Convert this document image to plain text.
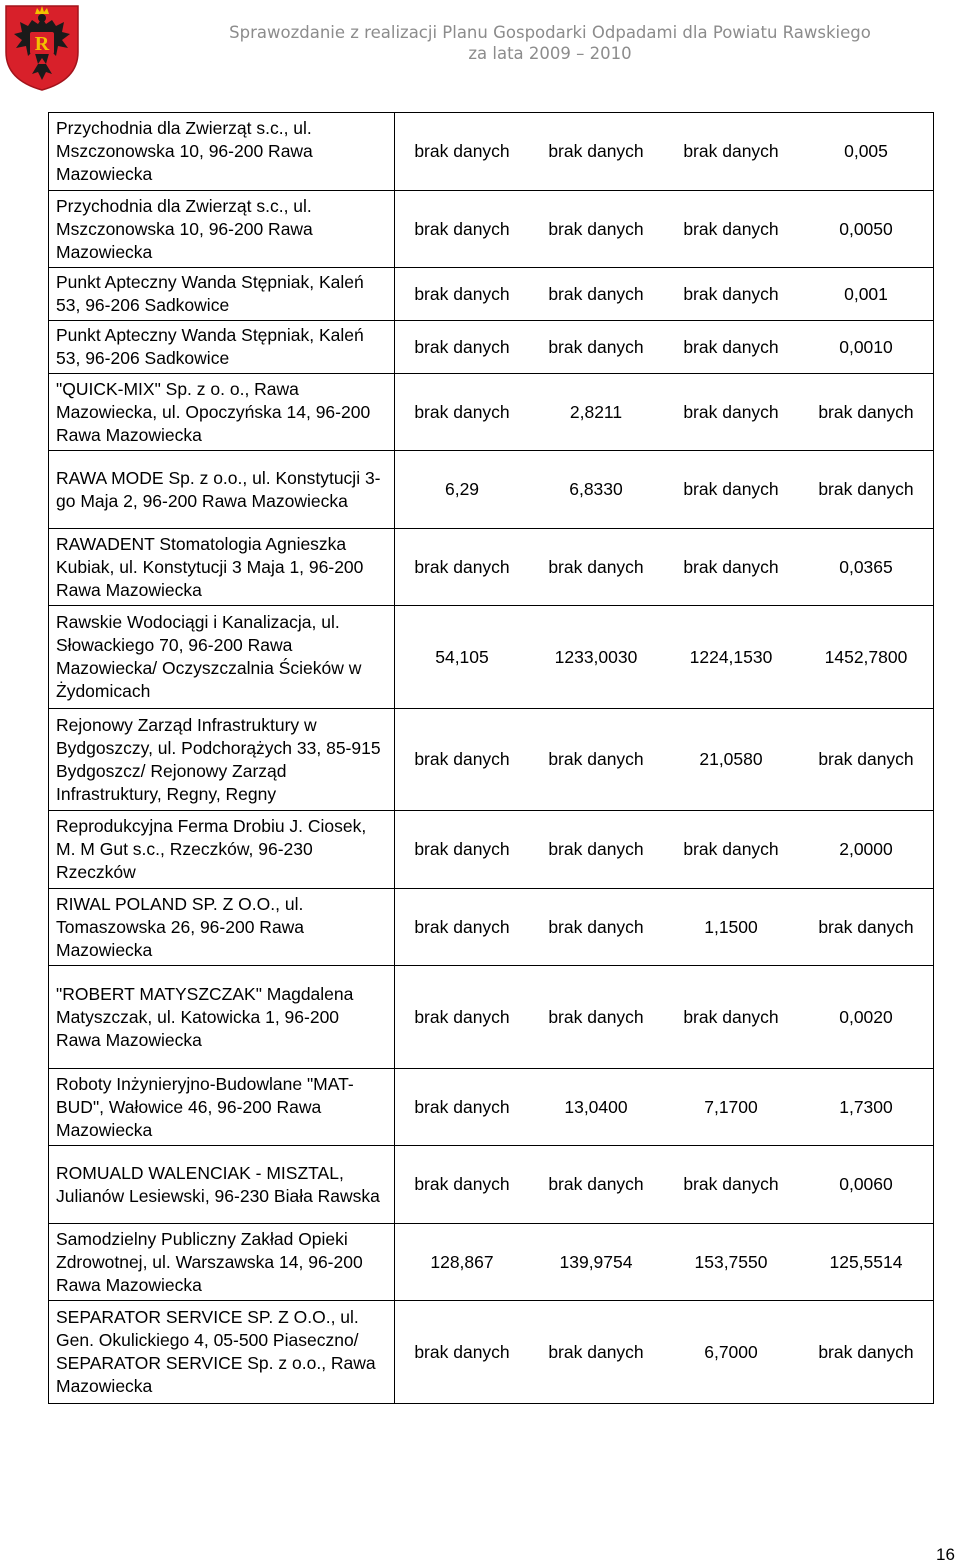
R
Sprawozdanie z realizacji Planu Gospodarki Odpadami dla Powiatu Rawskiego

za lata 2009 – 2010
Przychodnia dla Zwierząt s.c., ul. Mszczonowska 10, 96-200 Rawa Mazowiecka	brak danych brak danych brak danych 0,005

Przychodnia dla Zwierząt s.c., ul. Mszczonowska 10, 96-200 Rawa Mazowiecka	brak danych brak danych brak danych 0,0050

Punkt Apteczny Wanda Stępniak, Kaleń 53, 96-206 Sadkowice	brak danych brak danych brak danych 0,001

Punkt Apteczny Wanda Stępniak, Kaleń 53, 96-206 Sadkowice	brak danych brak danych brak danych 0,0010

"QUICK-MIX" Sp. z o. o., Rawa Mazowiecka, ul. Opoczyńska 14, 96-200 Rawa Mazowiecka	brak danych 2,8211 brak danych brak danych

RAWA MODE Sp. z o.o., ul. Konstytucji 3-go Maja 2, 96-200 Rawa Mazowiecka	6,29 6,8330 brak danych brak danych

RAWADENT Stomatologia Agnieszka Kubiak, ul. Konstytucji 3 Maja 1, 96-200 Rawa Mazowiecka	brak danych brak danych brak danych 0,0365

Rawskie Wodociągi i Kanalizacja, ul. Słowackiego 70, 96-200 Rawa Mazowiecka/ Oczyszczalnia Ścieków w Żydomicach	54,105 1233,0030 1224,1530 1452,7800

Rejonowy Zarząd Infrastruktury w Bydgoszczy, ul. Podchorążych 33, 85-915 Bydgoszcz/ Rejonowy Zarząd Infrastruktury, Regny, Regny	brak danych brak danych 21,0580 brak danych

Reprodukcyjna Ferma Drobiu J. Ciosek, M. M Gut s.c., Rzeczków, 96-230 Rzeczków	brak danych brak danych brak danych 2,0000

RIWAL POLAND SP. Z O.O., ul. Tomaszowska 26, 96-200 Rawa Mazowiecka	brak danych brak danych 1,1500 brak danych

"ROBERT MATYSZCZAK" Magdalena Matyszczak, ul. Katowicka 1, 96-200 Rawa Mazowiecka	brak danych brak danych brak danych 0,0020

Roboty Inżynieryjno-Budowlane "MAT-BUD", Wałowice 46, 96-200 Rawa Mazowiecka	brak danych 13,0400 7,1700 1,7300

ROMUALD WALENCIAK - MISZTAL, Julianów Lesiewski, 96-230 Biała Rawska	brak danych brak danych brak danych 0,0060

Samodzielny Publiczny Zakład Opieki Zdrowotnej, ul. Warszawska 14, 96-200 Rawa Mazowiecka	128,867 139,9754 153,7550 125,5514

SEPARATOR SERVICE SP. Z O.O., ul. Gen. Okulickiego 4, 05-500 Piaseczno/ SEPARATOR SERVICE Sp. z o.o., Rawa Mazowiecka	brak danych brak danych 6,7000 brak danych
16
